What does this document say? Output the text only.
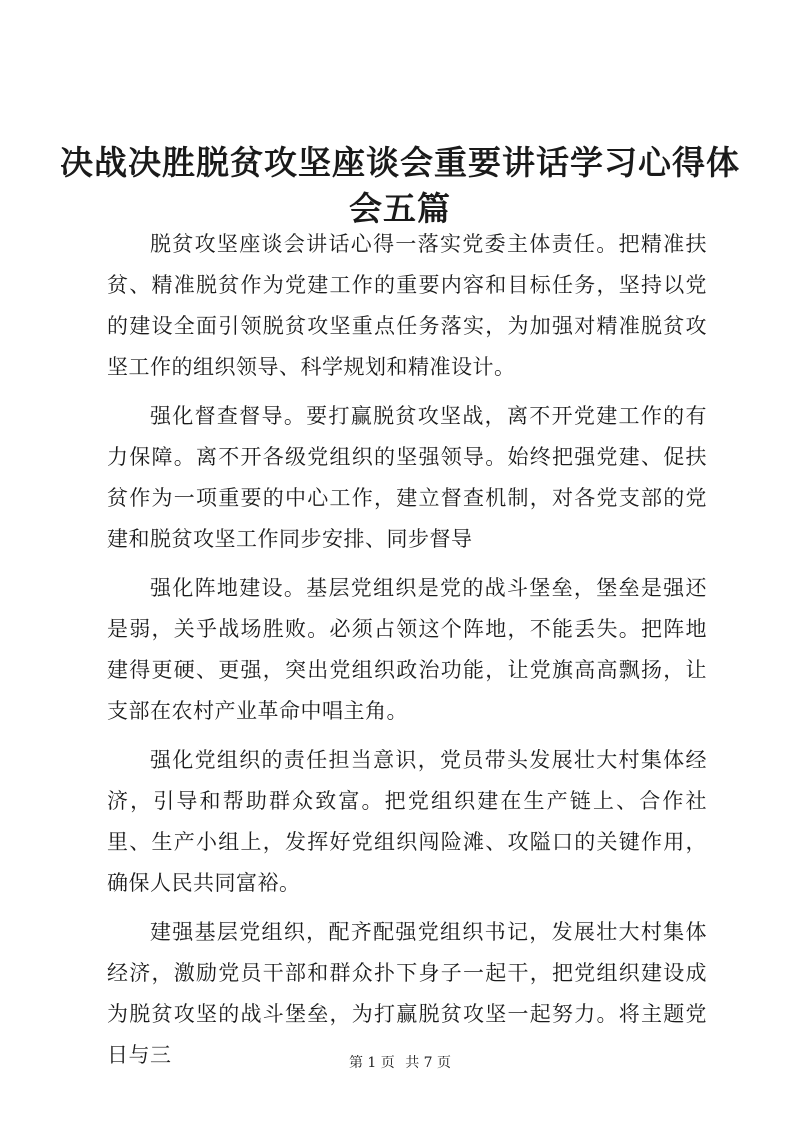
决战决胜脱贫攻坚座谈会重要讲话学习心得体
会五篇

脱贫攻坚座谈会讲话心得一落实党委主体责任。把精准扶贫、精准脱贫作为党建工作的重要内容和目标任务，坚持以党的建设全面引领脱贫攻坚重点任务落实，为加强对精准脱贫攻坚工作的组织领导、科学规划和精准设计。

强化督查督导。要打赢脱贫攻坚战，离不开党建工作的有力保障。离不开各级党组织的坚强领导。始终把强党建、促扶贫作为一项重要的中心工作，建立督查机制，对各党支部的党建和脱贫攻坚工作同步安排、同步督导

强化阵地建设。基层党组织是党的战斗堡垒，堡垒是强还是弱，关乎战场胜败。必须占领这个阵地，不能丢失。把阵地建得更硬、更强，突出党组织政治功能，让党旗高高飘扬，让支部在农村产业革命中唱主角。

强化党组织的责任担当意识，党员带头发展壮大村集体经济，引导和帮助群众致富。把党组织建在生产链上、合作社里、生产小组上，发挥好党组织闯险滩、攻隘口的关键作用，确保人民共同富裕。

建强基层党组织，配齐配强党组织书记，发展壮大村集体经济，激励党员干部和群众扑下身子一起干，把党组织建设成为脱贫攻坚的战斗堡垒，为打赢脱贫攻坚一起努力。将主题党日与三	第 1 页 共 7 页
